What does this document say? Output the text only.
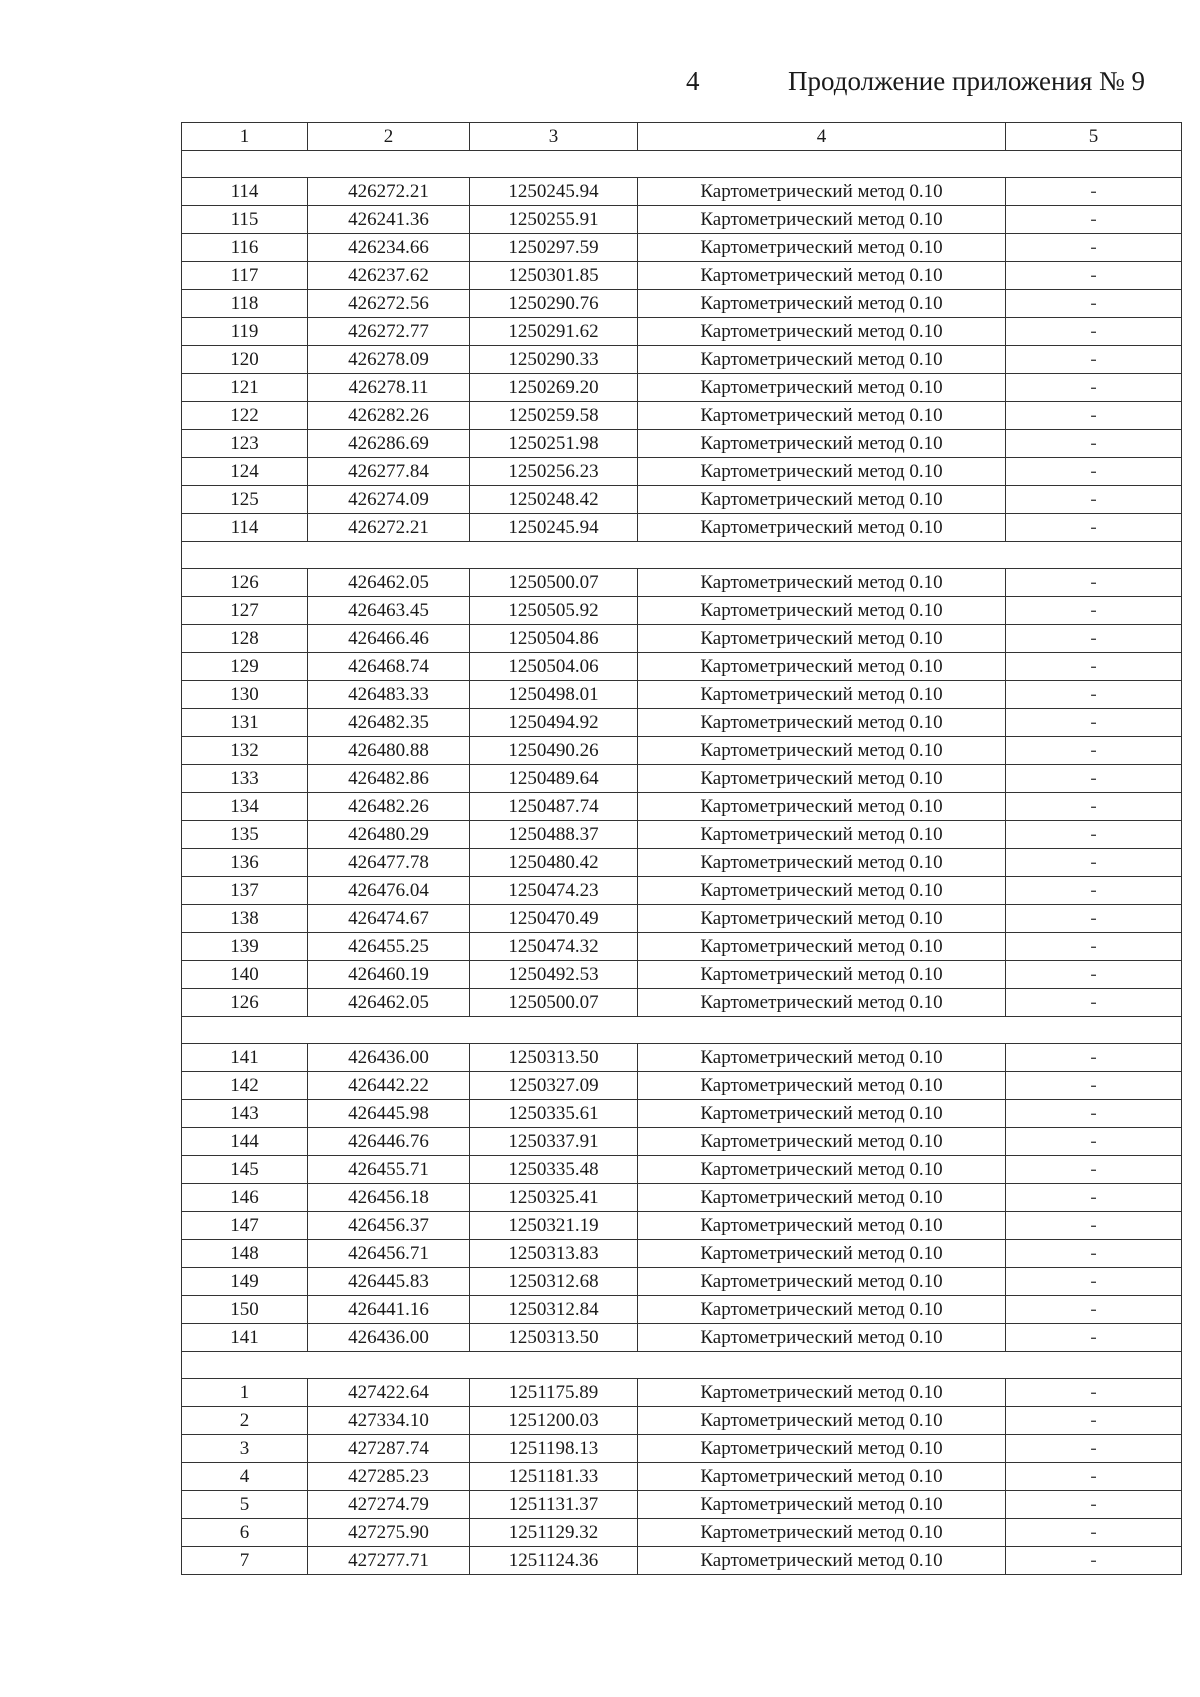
4	Продолжение приложения № 9
1	2	3	4	5

114	426272.21	1250245.94	Картометрический метод 0.10	-
115	426241.36	1250255.91	Картометрический метод 0.10	-
116	426234.66	1250297.59	Картометрический метод 0.10	-
117	426237.62	1250301.85	Картометрический метод 0.10	-
118	426272.56	1250290.76	Картометрический метод 0.10	-
119	426272.77	1250291.62	Картометрический метод 0.10	-
120	426278.09	1250290.33	Картометрический метод 0.10	-
121	426278.11	1250269.20	Картометрический метод 0.10	-
122	426282.26	1250259.58	Картометрический метод 0.10	-
123	426286.69	1250251.98	Картометрический метод 0.10	-
124	426277.84	1250256.23	Картометрический метод 0.10	-
125	426274.09	1250248.42	Картометрический метод 0.10	-
114	426272.21	1250245.94	Картометрический метод 0.10	-

126	426462.05	1250500.07	Картометрический метод 0.10	-
127	426463.45	1250505.92	Картометрический метод 0.10	-
128	426466.46	1250504.86	Картометрический метод 0.10	-
129	426468.74	1250504.06	Картометрический метод 0.10	-
130	426483.33	1250498.01	Картометрический метод 0.10	-
131	426482.35	1250494.92	Картометрический метод 0.10	-
132	426480.88	1250490.26	Картометрический метод 0.10	-
133	426482.86	1250489.64	Картометрический метод 0.10	-
134	426482.26	1250487.74	Картометрический метод 0.10	-
135	426480.29	1250488.37	Картометрический метод 0.10	-
136	426477.78	1250480.42	Картометрический метод 0.10	-
137	426476.04	1250474.23	Картометрический метод 0.10	-
138	426474.67	1250470.49	Картометрический метод 0.10	-
139	426455.25	1250474.32	Картометрический метод 0.10	-
140	426460.19	1250492.53	Картометрический метод 0.10	-
126	426462.05	1250500.07	Картометрический метод 0.10	-

141	426436.00	1250313.50	Картометрический метод 0.10	-
142	426442.22	1250327.09	Картометрический метод 0.10	-
143	426445.98	1250335.61	Картометрический метод 0.10	-
144	426446.76	1250337.91	Картометрический метод 0.10	-
145	426455.71	1250335.48	Картометрический метод 0.10	-
146	426456.18	1250325.41	Картометрический метод 0.10	-
147	426456.37	1250321.19	Картометрический метод 0.10	-
148	426456.71	1250313.83	Картометрический метод 0.10	-
149	426445.83	1250312.68	Картометрический метод 0.10	-
150	426441.16	1250312.84	Картометрический метод 0.10	-
141	426436.00	1250313.50	Картометрический метод 0.10	-

1	427422.64	1251175.89	Картометрический метод 0.10	-
2	427334.10	1251200.03	Картометрический метод 0.10	-
3	427287.74	1251198.13	Картометрический метод 0.10	-
4	427285.23	1251181.33	Картометрический метод 0.10	-
5	427274.79	1251131.37	Картометрический метод 0.10	-
6	427275.90	1251129.32	Картометрический метод 0.10	-
7	427277.71	1251124.36	Картометрический метод 0.10	-
